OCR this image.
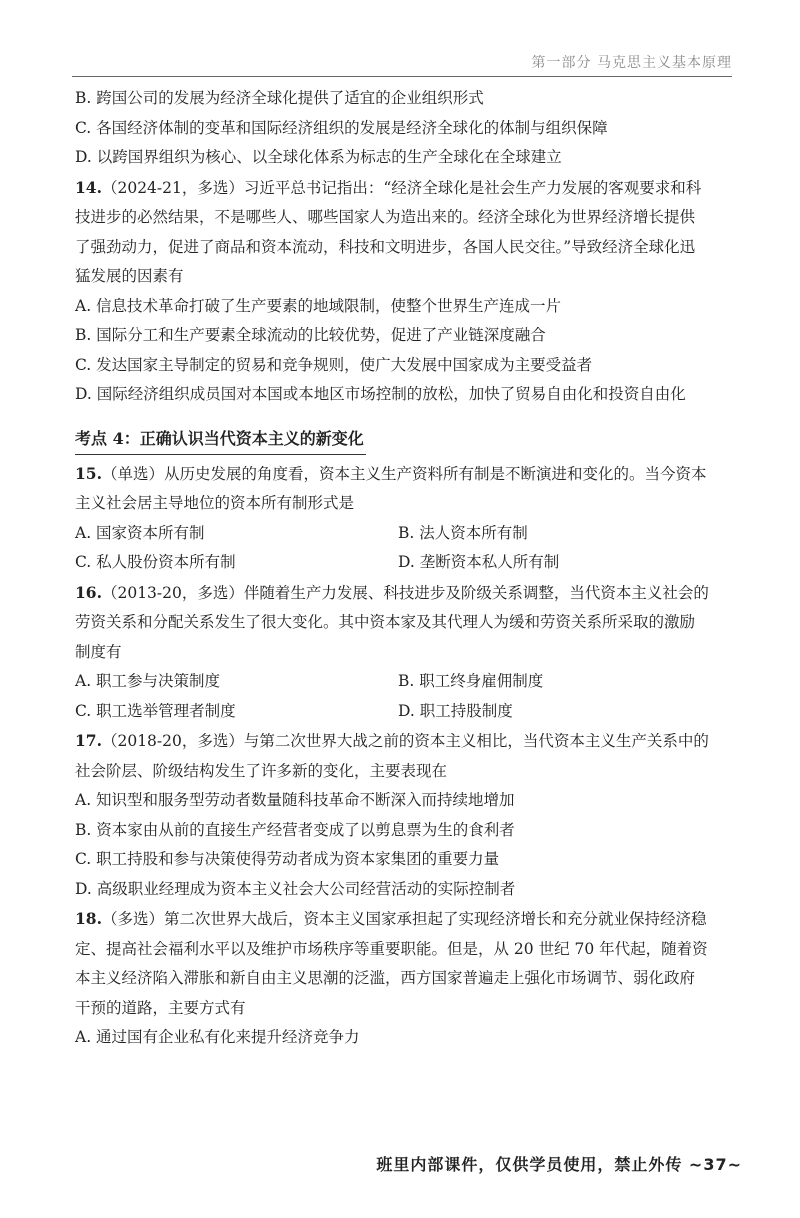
第一部分 马克思主义基本原理
B. 跨国公司的发展为经济全球化提供了适宜的企业组织形式
C. 各国经济体制的变革和国际经济组织的发展是经济全球化的体制与组织保障
D. 以跨国界组织为核心、以全球化体系为标志的生产全球化在全球建立
14.（2024-21，多选）习近平总书记指出：“经济全球化是社会生产力发展的客观要求和科
技进步的必然结果，不是哪些人、哪些国家人为造出来的。经济全球化为世界经济增长提供
了强劲动力，促进了商品和资本流动，科技和文明进步，各国人民交往。”导致经济全球化迅
猛发展的因素有
A. 信息技术革命打破了生产要素的地域限制，使整个世界生产连成一片
B. 国际分工和生产要素全球流动的比较优势，促进了产业链深度融合
C. 发达国家主导制定的贸易和竞争规则，使广大发展中国家成为主要受益者
D. 国际经济组织成员国对本国或本地区市场控制的放松，加快了贸易自由化和投资自由化
考点 4：正确认识当代资本主义的新变化
15.（单选）从历史发展的角度看，资本主义生产资料所有制是不断演进和变化的。当今资本
主义社会居主导地位的资本所有制形式是
A. 国家资本所有制	B. 法人资本所有制
C. 私人股份资本所有制	D. 垄断资本私人所有制
16.（2013-20，多选）伴随着生产力发展、科技进步及阶级关系调整，当代资本主义社会的
劳资关系和分配关系发生了很大变化。其中资本家及其代理人为缓和劳资关系所采取的激励
制度有
A. 职工参与决策制度	B. 职工终身雇佣制度
C. 职工选举管理者制度	D. 职工持股制度
17.（2018-20，多选）与第二次世界大战之前的资本主义相比，当代资本主义生产关系中的
社会阶层、阶级结构发生了许多新的变化，主要表现在
A. 知识型和服务型劳动者数量随科技革命不断深入而持续地增加
B. 资本家由从前的直接生产经营者变成了以剪息票为生的食利者
C. 职工持股和参与决策使得劳动者成为资本家集团的重要力量
D. 高级职业经理成为资本主义社会大公司经营活动的实际控制者
18.（多选）第二次世界大战后，资本主义国家承担起了实现经济增长和充分就业保持经济稳
定、提高社会福利水平以及维护市场秩序等重要职能。但是，从 20 世纪 70 年代起，随着资
本主义经济陷入滞胀和新自由主义思潮的泛滥，西方国家普遍走上强化市场调节、弱化政府
干预的道路，主要方式有
A. 通过国有企业私有化来提升经济竞争力
班里内部课件，仅供学员使用，禁止外传 ~37~
